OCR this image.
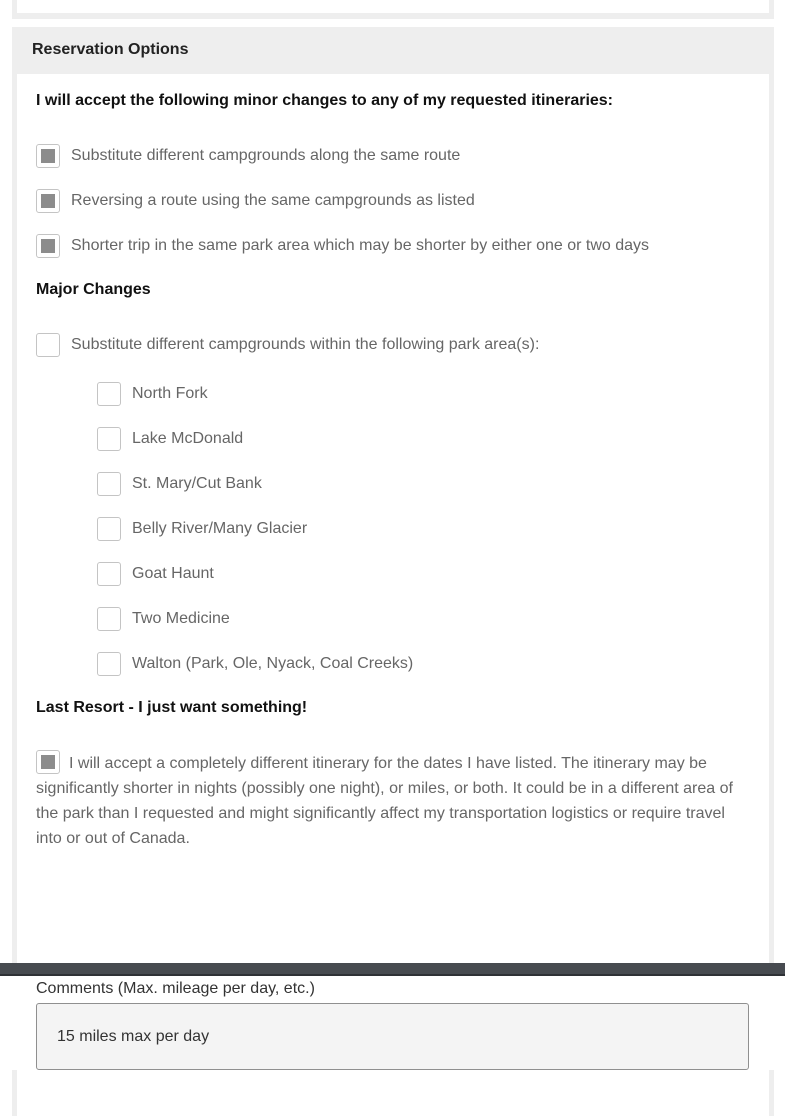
Reservation Options
I will accept the following minor changes to any of my requested itineraries:
Substitute different campgrounds along the same route
Reversing a route using the same campgrounds as listed
Shorter trip in the same park area which may be shorter by either one or two days
Major Changes
Substitute different campgrounds within the following park area(s):
North Fork
Lake McDonald
St. Mary/Cut Bank
Belly River/Many Glacier
Goat Haunt
Two Medicine
Walton (Park, Ole, Nyack, Coal Creeks)
Last Resort - I just want something!
I will accept a completely different itinerary for the dates I have listed. The itinerary may be significantly shorter in nights (possibly one night), or miles, or both. It could be in a different area of the park than I requested and might significantly affect my transportation logistics or require travel into or out of Canada.
Comments (Max. mileage per day, etc.)
15 miles max per day
